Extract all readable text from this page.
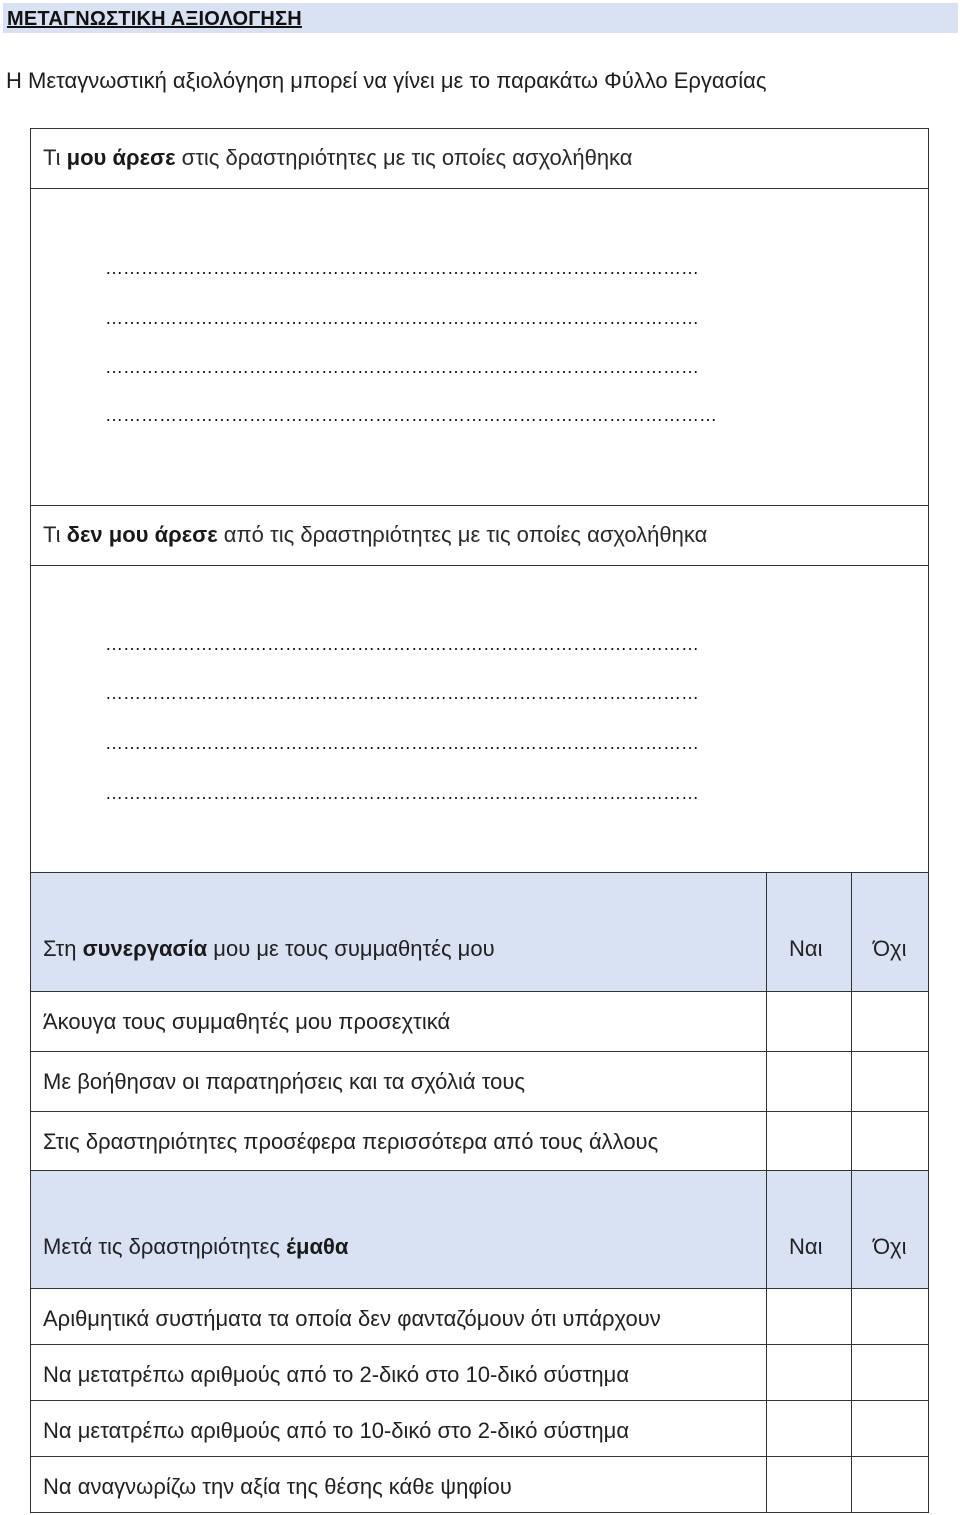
ΜΕΤΑΓΝΩΣΤΙΚΗ ΑΞΙΟΛΟΓΗΣΗ
Η Μεταγνωστική αξιολόγηση μπορεί να γίνει με το παρακάτω Φύλλο Εργασίας
Τι μου άρεσε στις δραστηριότητες με τις οποίες ασχολήθηκα
………………………………………………………………………………………
………………………………………………………………………………………
………………………………………………………………………………………
…………………………………………………………………………………………
Τι δεν μου άρεσε από τις δραστηριότητες με τις οποίες ασχολήθηκα
………………………………………………………………………………………
………………………………………………………………………………………
………………………………………………………………………………………
………………………………………………………………………………………
Στη συνεργασία μου με τους συμμαθητές μου	Ναι Όχι
Άκουγα τους συμμαθητές μου προσεχτικά
Με βοήθησαν οι παρατηρήσεις και τα σχόλιά τους
Στις δραστηριότητες προσέφερα περισσότερα από τους άλλους
Μετά τις δραστηριότητες έμαθα	Ναι Όχι
Αριθμητικά συστήματα τα οποία δεν φανταζόμουν ότι υπάρχουν
Να μετατρέπω αριθμούς από το 2-δικό στο 10-δικό σύστημα
Να μετατρέπω αριθμούς από το 10-δικό στο 2-δικό σύστημα
Να αναγνωρίζω την αξία της θέσης κάθε ψηφίου
